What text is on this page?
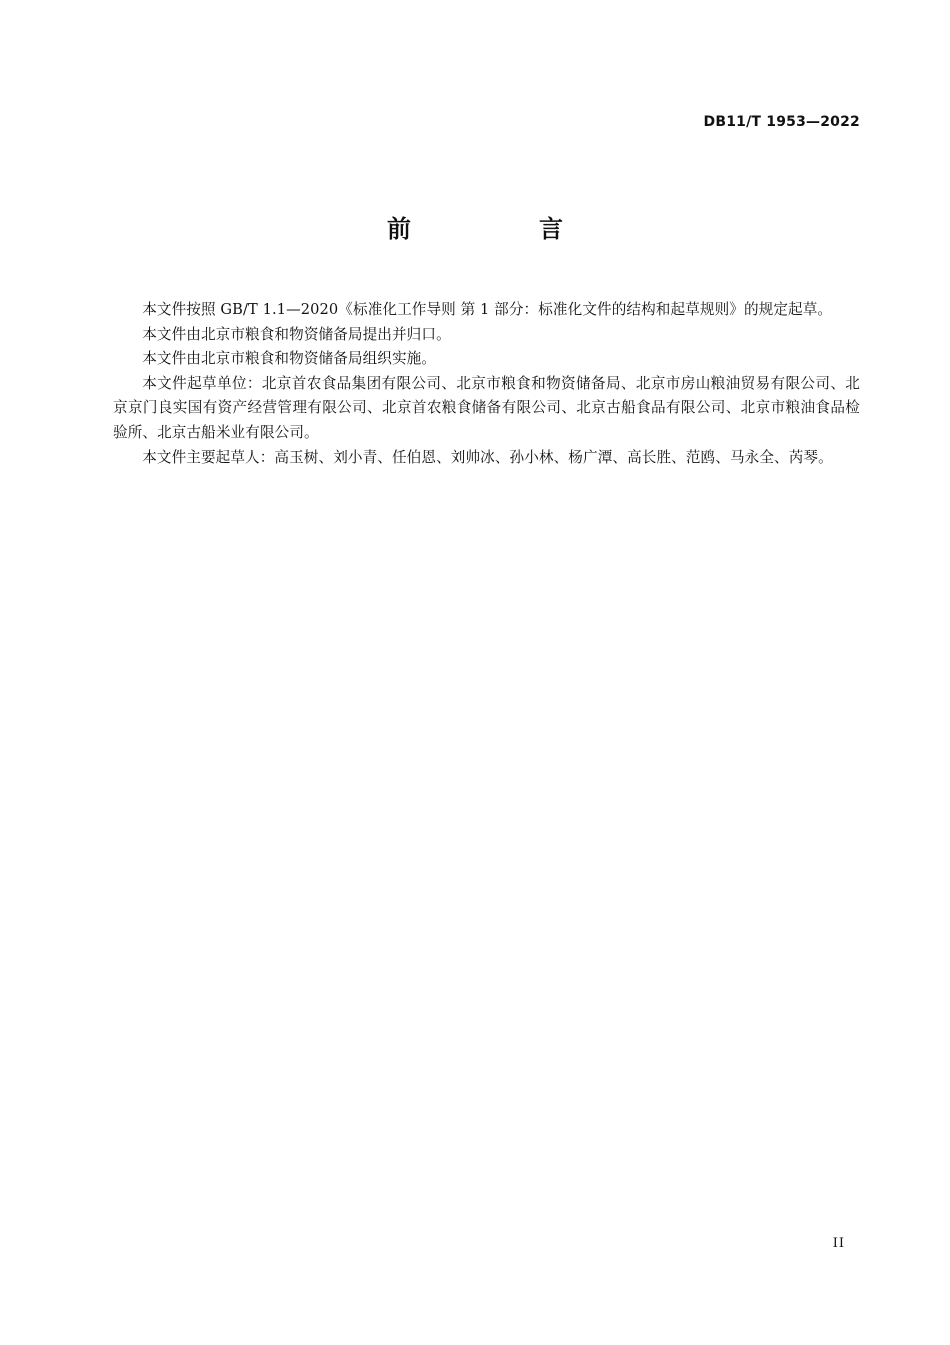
DB11/T 1953—2022
前　言

本文件按照 GB/T 1.1—2020《标准化工作导则 第 1 部分：标准化文件的结构和起草规则》的规定起草。

本文件由北京市粮食和物资储备局提出并归口。

本文件由北京市粮食和物资储备局组织实施。

本文件起草单位：北京首农食品集团有限公司、北京市粮食和物资储备局、北京市房山粮油贸易有限公司、北京京门良实国有资产经营管理有限公司、北京首农粮食储备有限公司、北京古船食品有限公司、北京市粮油食品检验所、北京古船米业有限公司。

本文件主要起草人：高玉树、刘小青、任伯恩、刘帅冰、孙小林、杨广潭、高长胜、范鸥、马永全、芮琴。

II
